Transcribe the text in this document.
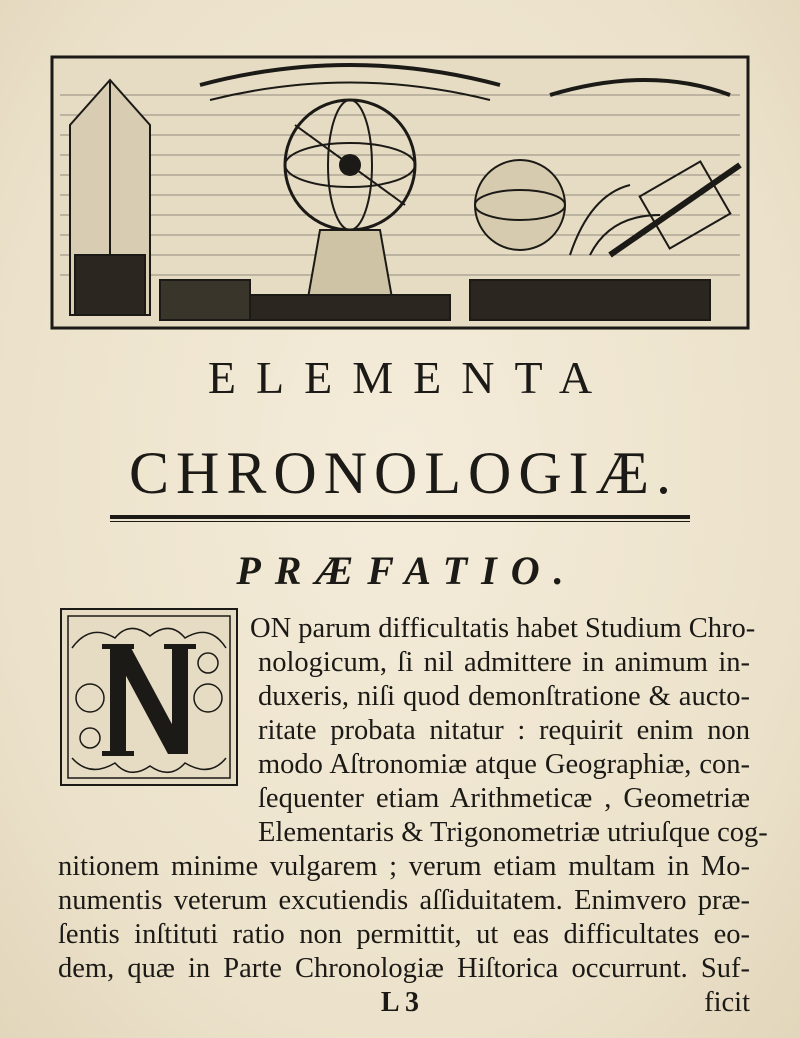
ELEMENTA
CHRONOLOGIÆ.
PRÆFATIO.
ON parum difficultatis habet Studium Chro-
nologicum, ſi nil admittere in animum in-
duxeris, niſi quod demonſtratione & aucto-
ritate probata nitatur : requirit enim non
modo Aſtronomiæ atque Geographiæ, con-
ſequenter etiam Arithmeticæ , Geometriæ
Elementaris & Trigonometriæ utriuſque cog-
nitionem minime vulgarem ; verum etiam multam in Mo-
numentis veterum excutiendis aſſiduitatem. Enimvero præ-
ſentis inſtituti ratio non permittit, ut eas difficultates eo-
dem, quæ in Parte Chronologiæ Hiſtorica occurrunt. Suf-
L 3	ficit
